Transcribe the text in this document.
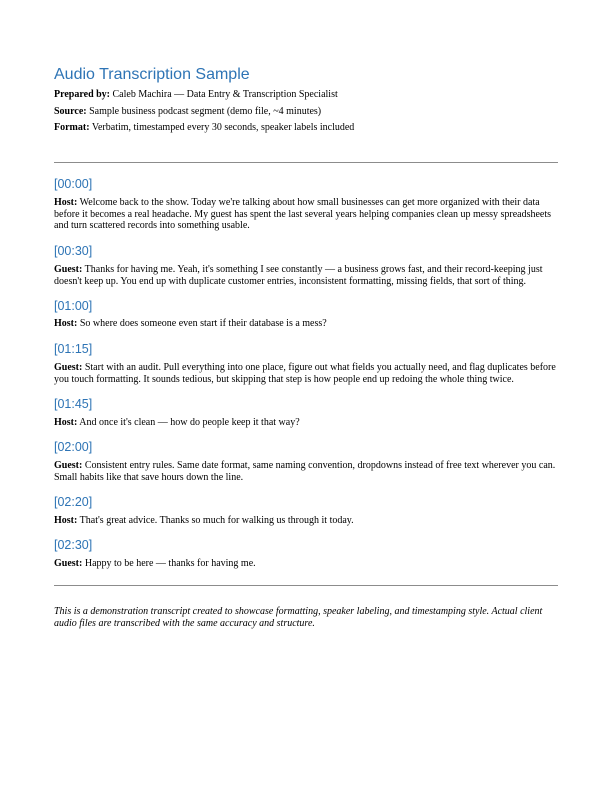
Audio Transcription Sample
Prepared by: Caleb Machira — Data Entry & Transcription Specialist
Source: Sample business podcast segment (demo file, ~4 minutes)
Format: Verbatim, timestamped every 30 seconds, speaker labels included
[00:00]
Host: Welcome back to the show. Today we're talking about how small businesses can get more organized with their data before it becomes a real headache. My guest has spent the last several years helping companies clean up messy spreadsheets and turn scattered records into something usable.
[00:30]
Guest: Thanks for having me. Yeah, it's something I see constantly — a business grows fast, and their record-keeping just doesn't keep up. You end up with duplicate customer entries, inconsistent formatting, missing fields, that sort of thing.
[01:00]
Host: So where does someone even start if their database is a mess?
[01:15]
Guest: Start with an audit. Pull everything into one place, figure out what fields you actually need, and flag duplicates before you touch formatting. It sounds tedious, but skipping that step is how people end up redoing the whole thing twice.
[01:45]
Host: And once it's clean — how do people keep it that way?
[02:00]
Guest: Consistent entry rules. Same date format, same naming convention, dropdowns instead of free text wherever you can. Small habits like that save hours down the line.
[02:20]
Host: That's great advice. Thanks so much for walking us through it today.
[02:30]
Guest: Happy to be here — thanks for having me.
This is a demonstration transcript created to showcase formatting, speaker labeling, and timestamping style. Actual client audio files are transcribed with the same accuracy and structure.
